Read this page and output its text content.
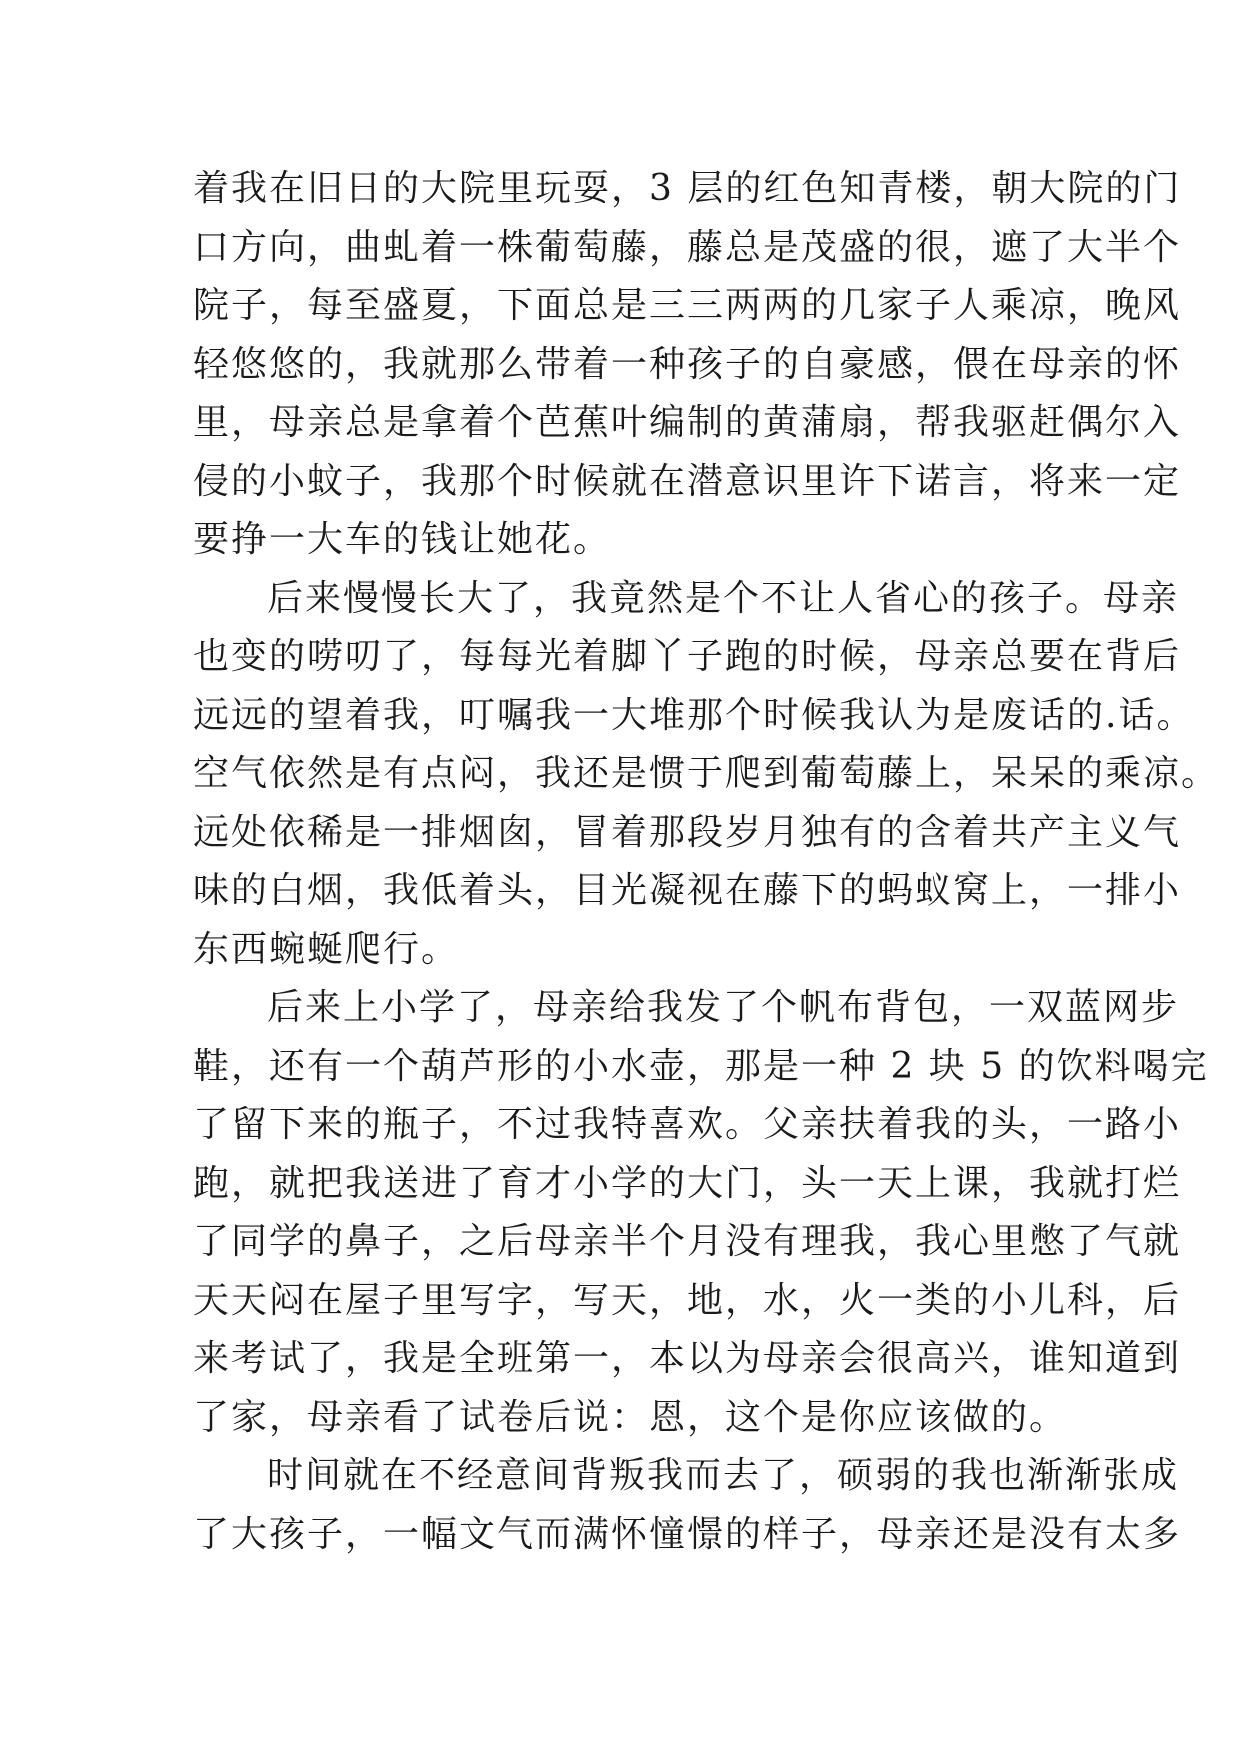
着我在旧日的大院里玩耍，3 层的红色知青楼，朝大院的门
口方向，曲虬着一株葡萄藤，藤总是茂盛的很，遮了大半个
院子，每至盛夏，下面总是三三两两的几家子人乘凉，晚风
轻悠悠的，我就那么带着一种孩子的自豪感，偎在母亲的怀
里，母亲总是拿着个芭蕉叶编制的黄蒲扇，帮我驱赶偶尔入
侵的小蚊子，我那个时候就在潜意识里许下诺言，将来一定
要挣一大车的钱让她花。
后来慢慢长大了，我竟然是个不让人省心的孩子。母亲
也变的唠叨了，每每光着脚丫子跑的时候，母亲总要在背后
远远的望着我，叮嘱我一大堆那个时候我认为是废话的.话。
空气依然是有点闷，我还是惯于爬到葡萄藤上，呆呆的乘凉。
远处依稀是一排烟囱，冒着那段岁月独有的含着共产主义气
味的白烟，我低着头，目光凝视在藤下的蚂蚁窝上，一排小
东西蜿蜒爬行。
后来上小学了，母亲给我发了个帆布背包，一双蓝网步
鞋，还有一个葫芦形的小水壶，那是一种 2 块 5 的饮料喝完
了留下来的瓶子，不过我特喜欢。父亲扶着我的头，一路小
跑，就把我送进了育才小学的大门，头一天上课，我就打烂
了同学的鼻子，之后母亲半个月没有理我，我心里憋了气就
天天闷在屋子里写字，写天，地，水，火一类的小儿科，后
来考试了，我是全班第一，本以为母亲会很高兴，谁知道到
了家，母亲看了试卷后说：恩，这个是你应该做的。
时间就在不经意间背叛我而去了，硕弱的我也渐渐张成
了大孩子，一幅文气而满怀憧憬的样子，母亲还是没有太多
